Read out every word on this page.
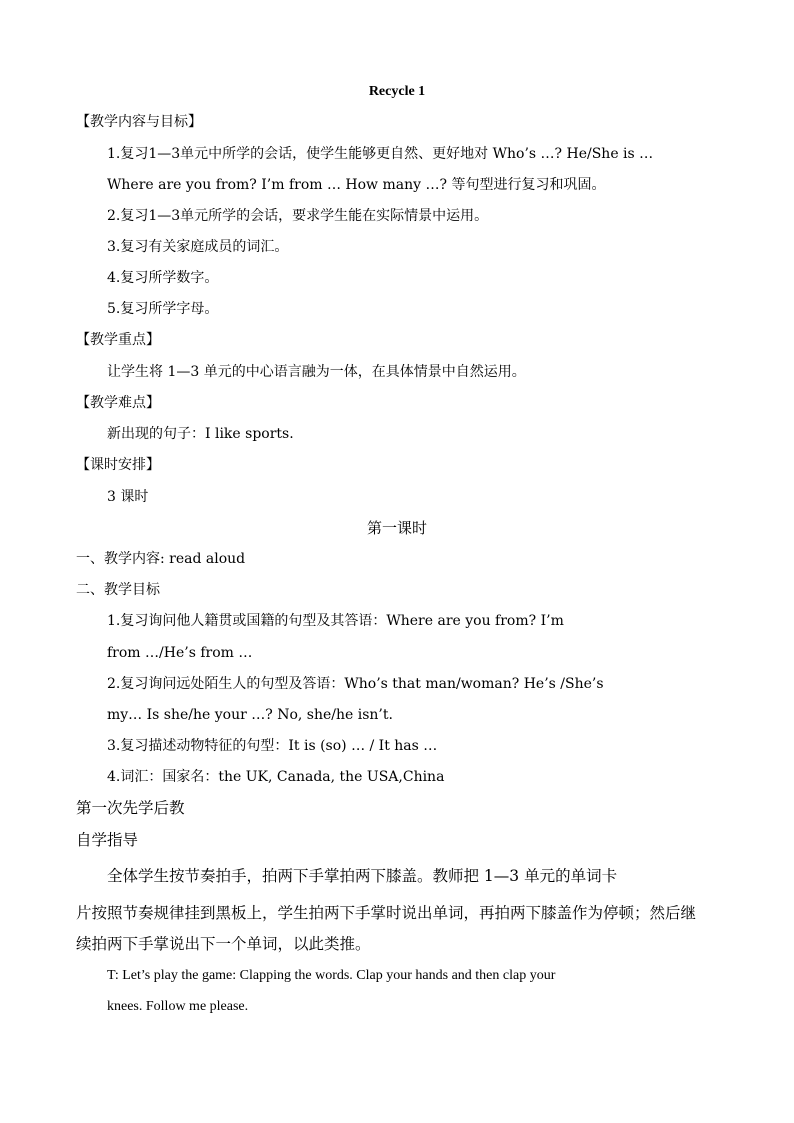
Recycle 1

【教学内容与目标】

1.复习1—3单元中所学的会话，使学生能够更自然、更好地对 Who’s …? He/She is …

Where are you from? I’m from … How many …? 等句型进行复习和巩固。

2.复习1—3单元所学的会话，要求学生能在实际情景中运用。

3.复习有关家庭成员的词汇。

4.复习所学数字。

5.复习所学字母。

【教学重点】

让学生将 1—3 单元的中心语言融为一体，在具体情景中自然运用。

【教学难点】

新出现的句子：I like sports.

【课时安排】

3 课时

第一课时

一、教学内容: read aloud

二、教学目标

1.复习询问他人籍贯或国籍的句型及其答语：Where are you from? I’m

from …/He’s from …

2.复习询问远处陌生人的句型及答语：Who’s that man/woman? He’s /She’s

my… Is she/he your …? No, she/he isn’t.

3.复习描述动物特征的句型：It is (so) … / It has …

4.词汇：国家名：the UK, Canada, the USA,China

第一次先学后教

自学指导

全体学生按节奏拍手，拍两下手掌拍两下膝盖。教师把 1—3 单元的单词卡

片按照节奏规律挂到黑板上，学生拍两下手掌时说出单词，再拍两下膝盖作为停顿；然后继

续拍两下手掌说出下一个单词，以此类推。

T: Let’s play the game: Clapping the words. Clap your hands and then clap your

knees. Follow me please.
